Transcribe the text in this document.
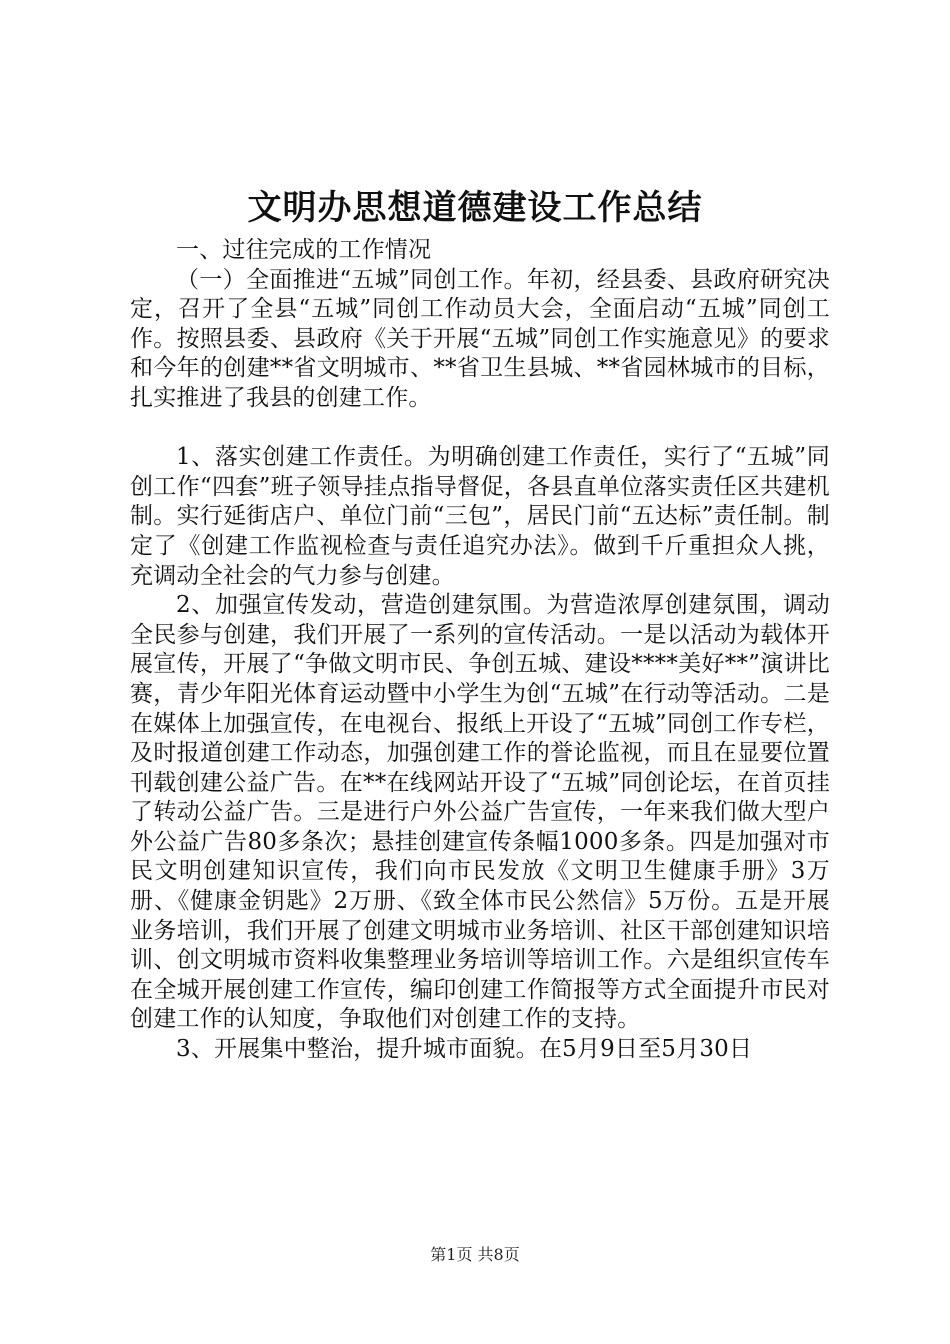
文明办思想道德建设工作总结

一、过往完成的工作情况

（一）全面推进“五城”同创工作。年初，经县委、县政府研究决定，召开了全县“五城”同创工作动员大会，全面启动“五城”同创工作。按照县委、县政府《关于开展“五城”同创工作实施意见》的要求和今年的创建**省文明城市、**省卫生县城、**省园林城市的目标，扎实推进了我县的创建工作。

1、落实创建工作责任。为明确创建工作责任，实行了“五城”同创工作“四套”班子领导挂点指导督促，各县直单位落实责任区共建机制。实行延街店户、单位门前“三包”，居民门前“五达标”责任制。制定了《创建工作监视检查与责任追究办法》。做到千斤重担众人挑，充调动全社会的气力参与创建。

2、加强宣传发动，营造创建氛围。为营造浓厚创建氛围，调动全民参与创建，我们开展了一系列的宣传活动。一是以活动为载体开展宣传，开展了“争做文明市民、争创五城、建设****美好**”演讲比赛，青少年阳光体育运动暨中小学生为创“五城”在行动等活动。二是在媒体上加强宣传，在电视台、报纸上开设了“五城”同创工作专栏，及时报道创建工作动态，加强创建工作的誉论监视，而且在显要位置刊载创建公益广告。在**在线网站开设了“五城”同创论坛，在首页挂了转动公益广告。三是进行户外公益广告宣传，一年来我们做大型户外公益广告80多条次；悬挂创建宣传条幅1000多条。四是加强对市民文明创建知识宣传，我们向市民发放《文明卫生健康手册》3万册、《健康金钥匙》2万册、《致全体市民公然信》5万份。五是开展业务培训，我们开展了创建文明城市业务培训、社区干部创建知识培训、创文明城市资料收集整理业务培训等培训工作。六是组织宣传车在全城开展创建工作宣传，编印创建工作简报等方式全面提升市民对创建工作的认知度，争取他们对创建工作的支持。

3、开展集中整治，提升城市面貌。在5月9日至5月30日

第1页 共8页
